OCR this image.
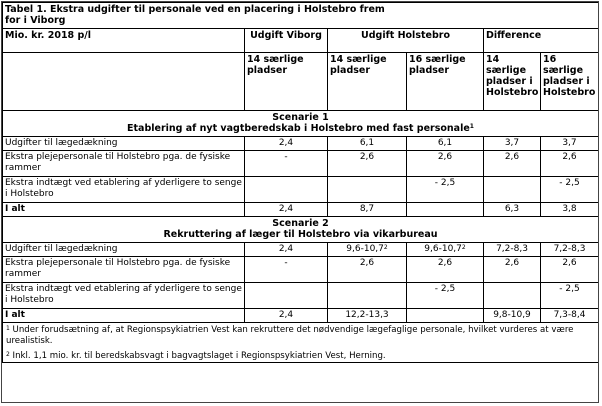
Tabel 1. Ekstra udgifter til personale ved en placering i Holstebro frem for i Viborg					
Mio. kr. 2018 p/l	Udgift Viborg	Udgift Holstebro		Difference	
	14 særlige pladser	14 særlige pladser	16 særlige pladser	14 særlige pladser i Holstebro	16 særlige pladser i Holstebro

Scenarie 1
Etablering af nyt vagtberedskab i Holstebro med fast personale$^1$

Udgifter til lægedækning	2,4	6,1	6,1	3,7	3,7
Ekstra plejepersonale til Holstebro pga. de fysiske rammer	-	2,6	2,6	2,6	2,6
Ekstra indtægt ved etablering af yderligere to senge i Holstebro			- 2,5		- 2,5
I alt	2,4	8,7		6,3	3,8

Scenarie 2
Rekruttering af læger til Holstebro via vikarbureau					

Udgifter til lægedækning	2,4	9,6-10,7$^2$	9,6-10,7$^2$	7,2-8,3	7,2-8,3
Ekstra plejepersonale til Holstebro pga. de fysiske rammer	-	2,6	2,6	2,6	2,6
Ekstra indtægt ved etablering af yderligere to senge i Holstebro			- 2,5		- 2,5
I alt	2,4	12,2-13,3		9,8-10,9	7,3-8,4

$^1$ Under forudsætning af, at Regionspsykiatrien Vest kan rekruttere det nødvendige lægefaglige personale, hvilket vurderes at være urealistisk.
$^2$ Inkl. 1,1 mio. kr. til beredskabsvagt i bagvagtslaget i Regionspsykiatrien Vest, Herning.					
